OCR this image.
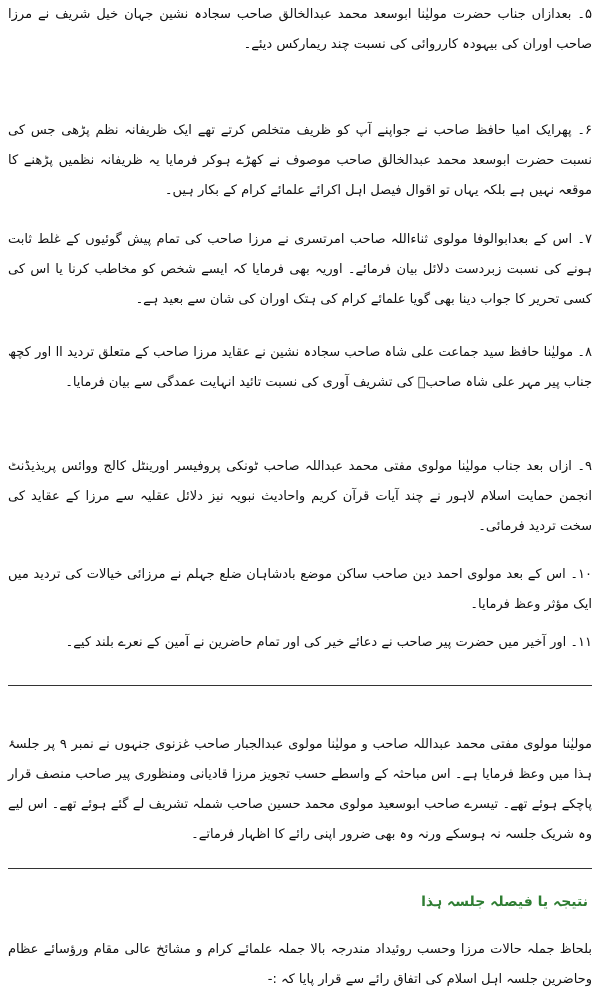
۵۔ بعدازاں جناب حضرت مولیٰنا ابوسعد محمد عبدالخالق صاحب سجادہ نشین جہان خیل شریف نے مرزا صاحب اوران کی بیہودہ کارروائی کی نسبت چند ریمارکس دیئے۔

۶۔ پھرایک امیا حافظ صاحب نے جواپنے آپ کو ظریف متخلص کرتے تھے ایک ظریفانہ نظم پڑھی جس کی نسبت حضرت ابوسعد محمد عبدالخالق صاحب موصوف نے کھڑے ہوکر فرمایا یہ ظریفانہ نظمیں پڑھنے کا موقعہ نہیں ہے بلکہ یہاں تو اقوال فیصل اہل اکرائے علمائے کرام کے بکار ہیں۔

۷۔ اس کے بعدابوالوفا مولوی ثناءاللہ صاحب امرتسری نے مرزا صاحب کی تمام پیش گوئیوں کے غلط ثابت ہونے کی نسبت زبردست دلائل بیان فرمائے۔ اوریہ بھی فرمایا کہ ایسے شخص کو مخاطب کرنا یا اس کی کسی تحریر کا جواب دینا بھی گویا علمائے کرام کی ہتک اوران کی شان سے بعید ہے۔

۸۔ مولیٰنا حافظ سید جماعت علی شاہ صاحب سجادہ نشین نے عقاید مرزا صاحب کے متعلق تردید اا اور کچھ جناب پیر مہر علی شاہ صاحبؒ کی تشریف آوری کی نسبت تائید انہایت عمدگی سے بیان فرمایا۔

۹۔ ازاں بعد جناب مولیٰنا مولوی مفتی محمد عبداللہ صاحب ٹونکی پروفیسر اورینٹل کالج ووائس پریذیڈنٹ انجمن حمایت اسلام لاہور نے چند آیات قرآن کریم واحادیث نبویہ نیز دلائل عقلیہ سے مرزا کے عقاید کی سخت تردید فرمائی۔

۱۰۔ اس کے بعد مولوی احمد دین صاحب ساکن موضع بادشاہان ضلع جہلم نے مرزائی خیالات کی تردید میں ایک مؤثر وعظ فرمایا۔

۱۱۔ اور آخیر میں حضرت پیر صاحب نے دعائے خیر کی اور تمام حاضرین نے آمین کے نعرے بلند کیے۔

مولیٰنا مولوی مفتی محمد عبداللہ صاحب و مولیٰنا مولوی عبدالجبار صاحب غزنوی جنہوں نے نمبر ۹ پر جلسۂ ہذا میں وعظ فرمایا ہے۔ اس مباحثہ کے واسطے حسب تجویز مرزا قادیانی ومنظوری پیر صاحب منصف قرار پاچکے ہوئے تھے۔ تیسرے صاحب ابوسعید مولوی محمد حسین صاحب شملہ تشریف لے گئے ہوئے تھے۔ اس لیے وہ شریک جلسہ نہ ہوسکے ورنہ وہ بھی ضرور اپنی رائے کا اظہار فرماتے۔

نتیجہ یا فیصلہ جلسہ ہذا

بلحاظ جملہ حالات مرزا وحسب روئیداد مندرجہ بالا جملہ علمائے کرام و مشائخ عالی مقام ورؤسائے عظام وحاضرین جلسہ اہل اسلام کی اتفاق رائے سے قرار پایا کہ :-
